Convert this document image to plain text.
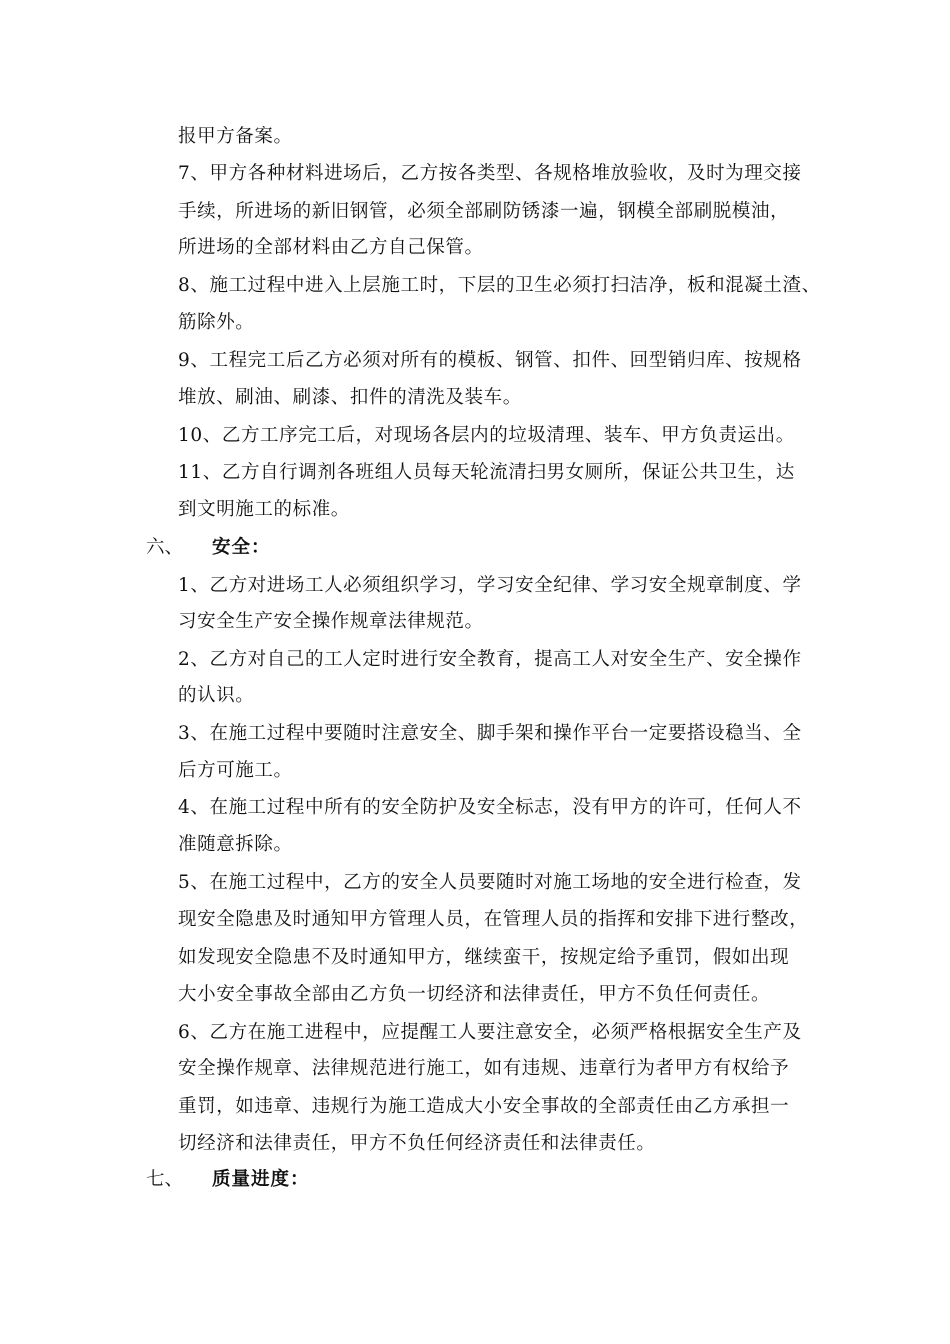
报甲方备案。
7、甲方各种材料进场后，乙方按各类型、各规格堆放验收，及时为理交接
手续，所进场的新旧钢管，必须全部刷防锈漆一遍，钢模全部刷脱模油，
所进场的全部材料由乙方自己保管。
8、施工过程中进入上层施工时，下层的卫生必须打扫洁净，板和混凝土渣、
筋除外。
9、工程完工后乙方必须对所有的模板、钢管、扣件、回型销归库、按规格
堆放、刷油、刷漆、扣件的清洗及装车。
10、乙方工序完工后，对现场各层内的垃圾清理、装车、甲方负责运出。
11、乙方自行调剂各班组人员每天轮流清扫男女厕所，保证公共卫生，达
到文明施工的标准。
六、 安全：
1、乙方对进场工人必须组织学习，学习安全纪律、学习安全规章制度、学
习安全生产安全操作规章法律规范。
2、乙方对自己的工人定时进行安全教育，提高工人对安全生产、安全操作
的认识。
3、在施工过程中要随时注意安全、脚手架和操作平台一定要搭设稳当、全
后方可施工。
4、在施工过程中所有的安全防护及安全标志，没有甲方的许可，任何人不
准随意拆除。
5、在施工过程中，乙方的安全人员要随时对施工场地的安全进行检查，发
现安全隐患及时通知甲方管理人员，在管理人员的指挥和安排下进行整改，
如发现安全隐患不及时通知甲方，继续蛮干，按规定给予重罚，假如出现
大小安全事故全部由乙方负一切经济和法律责任，甲方不负任何责任。
6、乙方在施工进程中，应提醒工人要注意安全，必须严格根据安全生产及
安全操作规章、法律规范进行施工，如有违规、违章行为者甲方有权给予
重罚，如违章、违规行为施工造成大小安全事故的全部责任由乙方承担一
切经济和法律责任，甲方不负任何经济责任和法律责任。
七、 质量进度：
